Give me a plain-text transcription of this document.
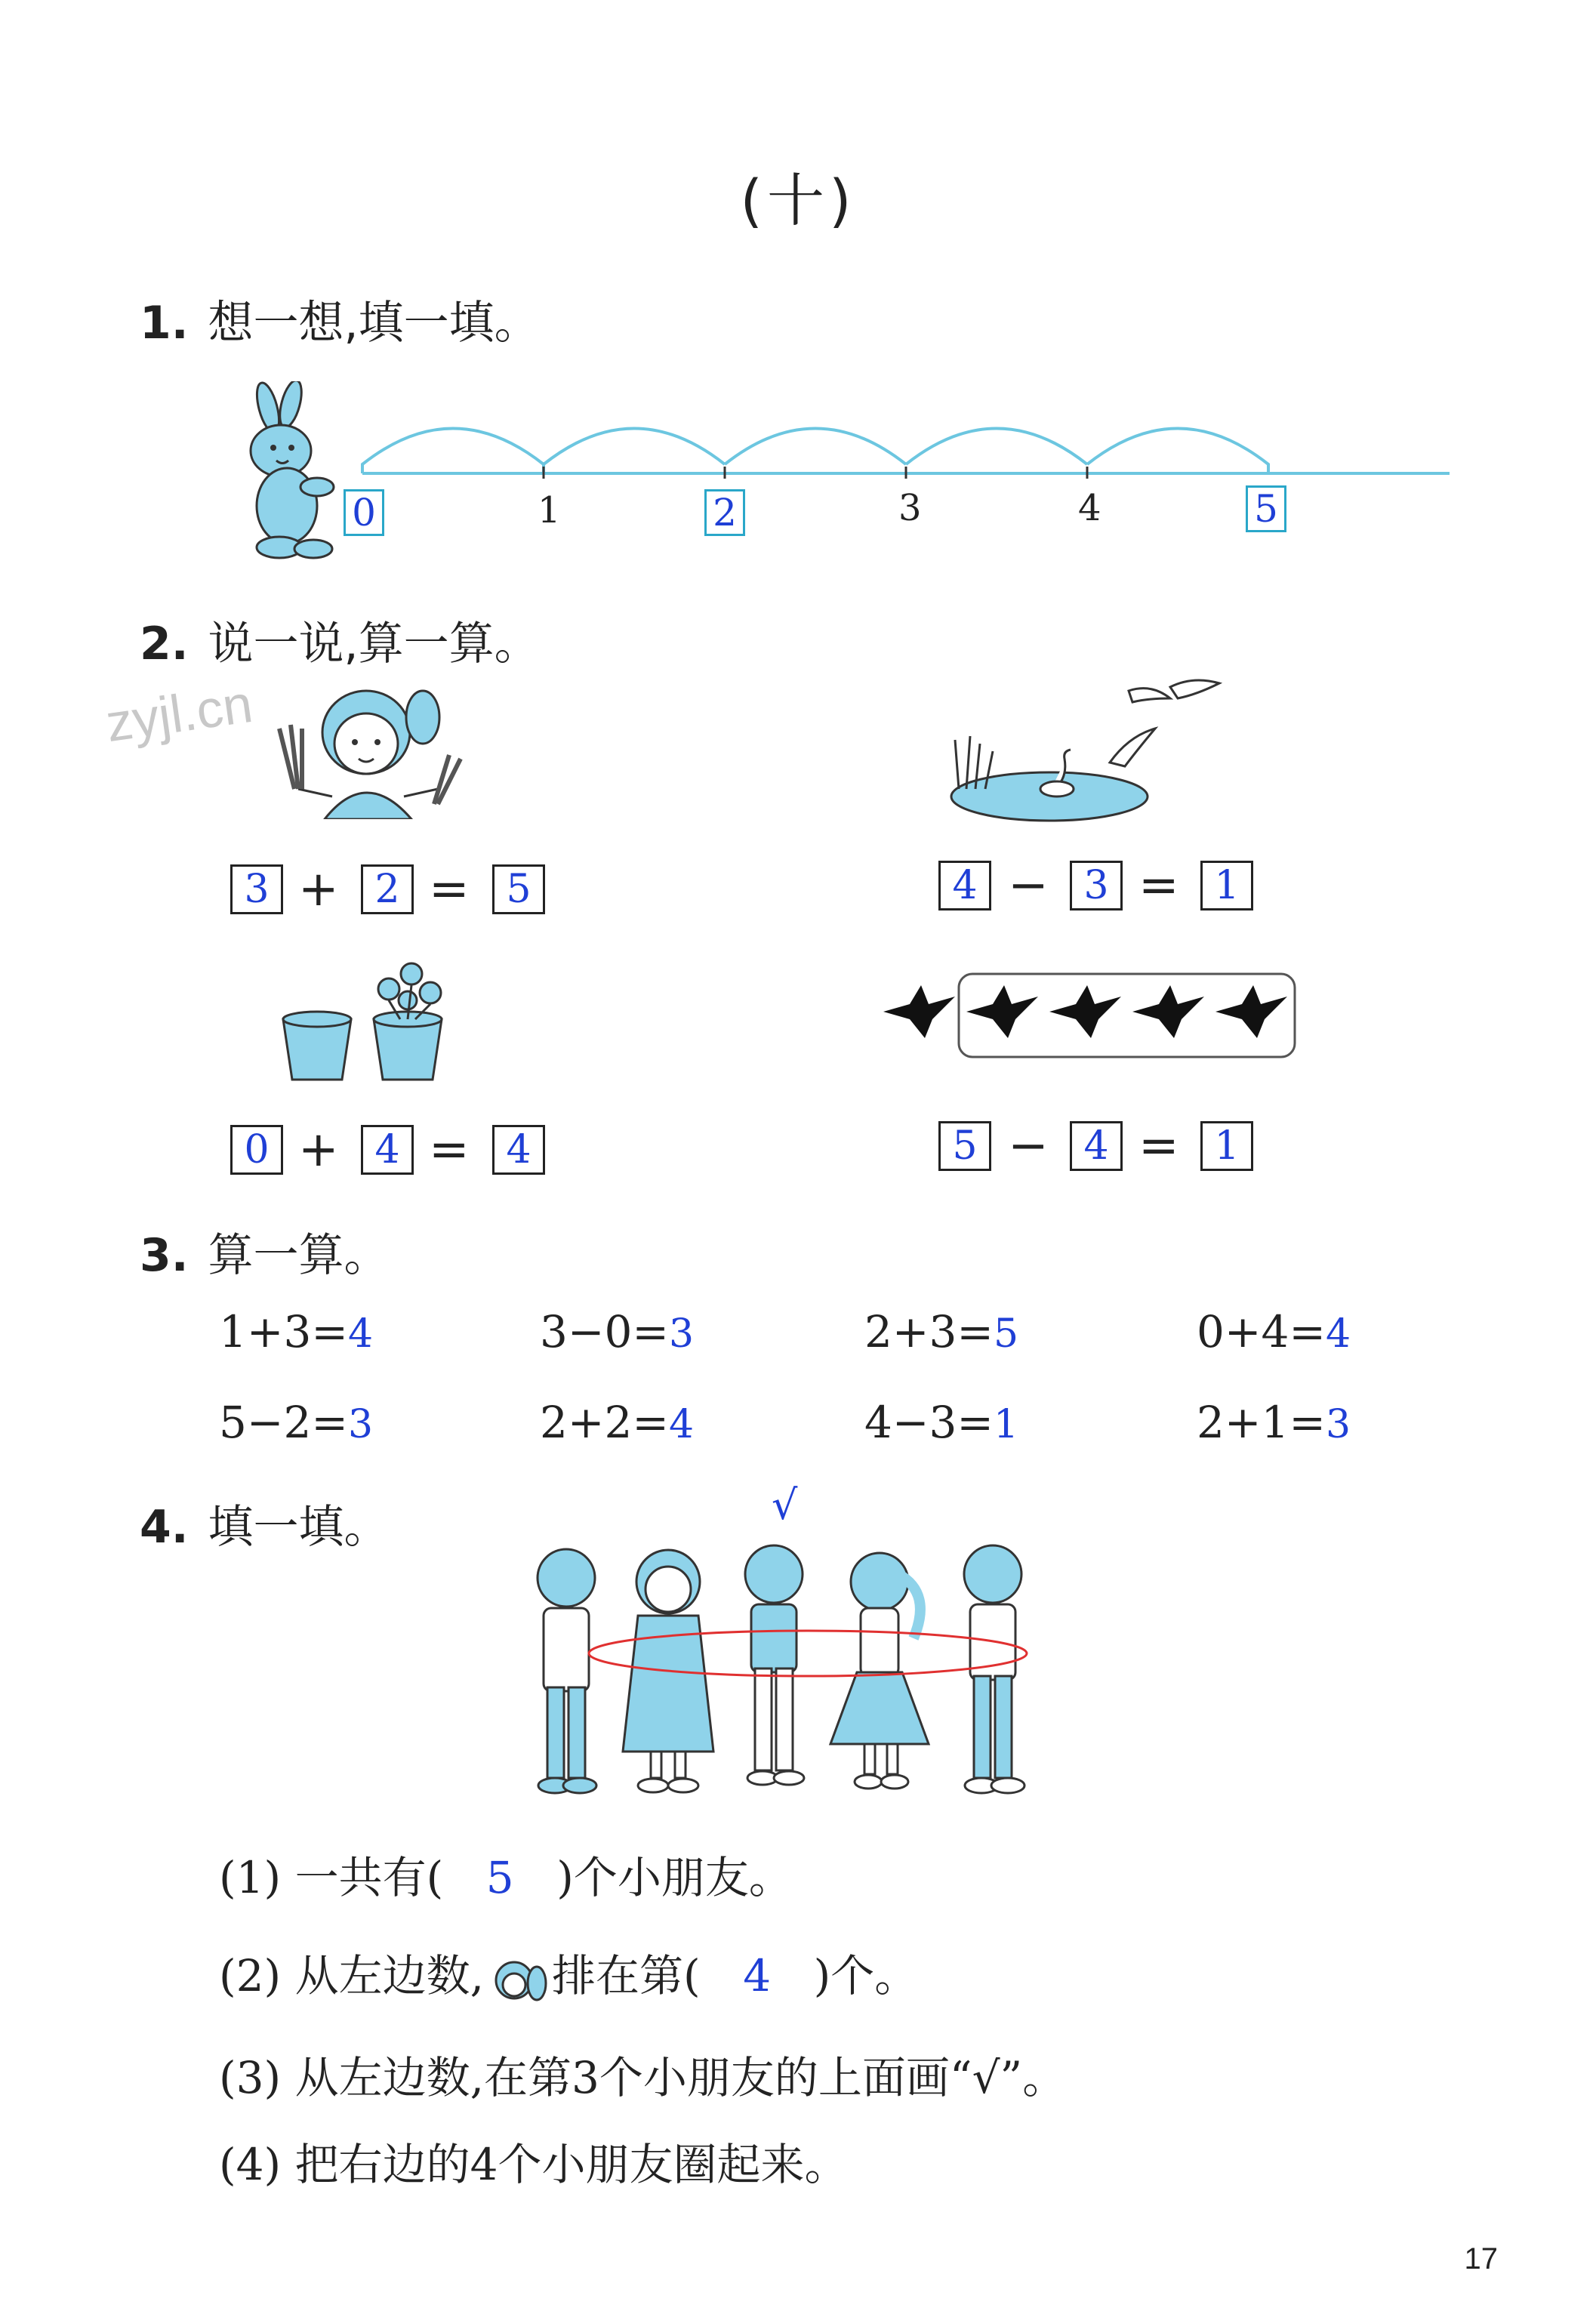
(十)
zyjl.cn
1. 想一想,填一填。
0	1	2	3	4	5
2. 说一说,算一算。
3 + 2 = 5	4 − 3 = 1
0 + 4 = 4	5 − 4 = 1
3. 算一算。
1+3=4	3−0=3	2+3=5	0+4=4
5−2=3	2+2=4	4−3=1	2+1=3
4. 填一填。	√
(1) 一共有( 5 )个小朋友。
(2) 从左边数, 排在第( 4 )个。
(3) 从左边数,在第3个小朋友的上面画“√”。
(4) 把右边的4个小朋友圈起来。
17
